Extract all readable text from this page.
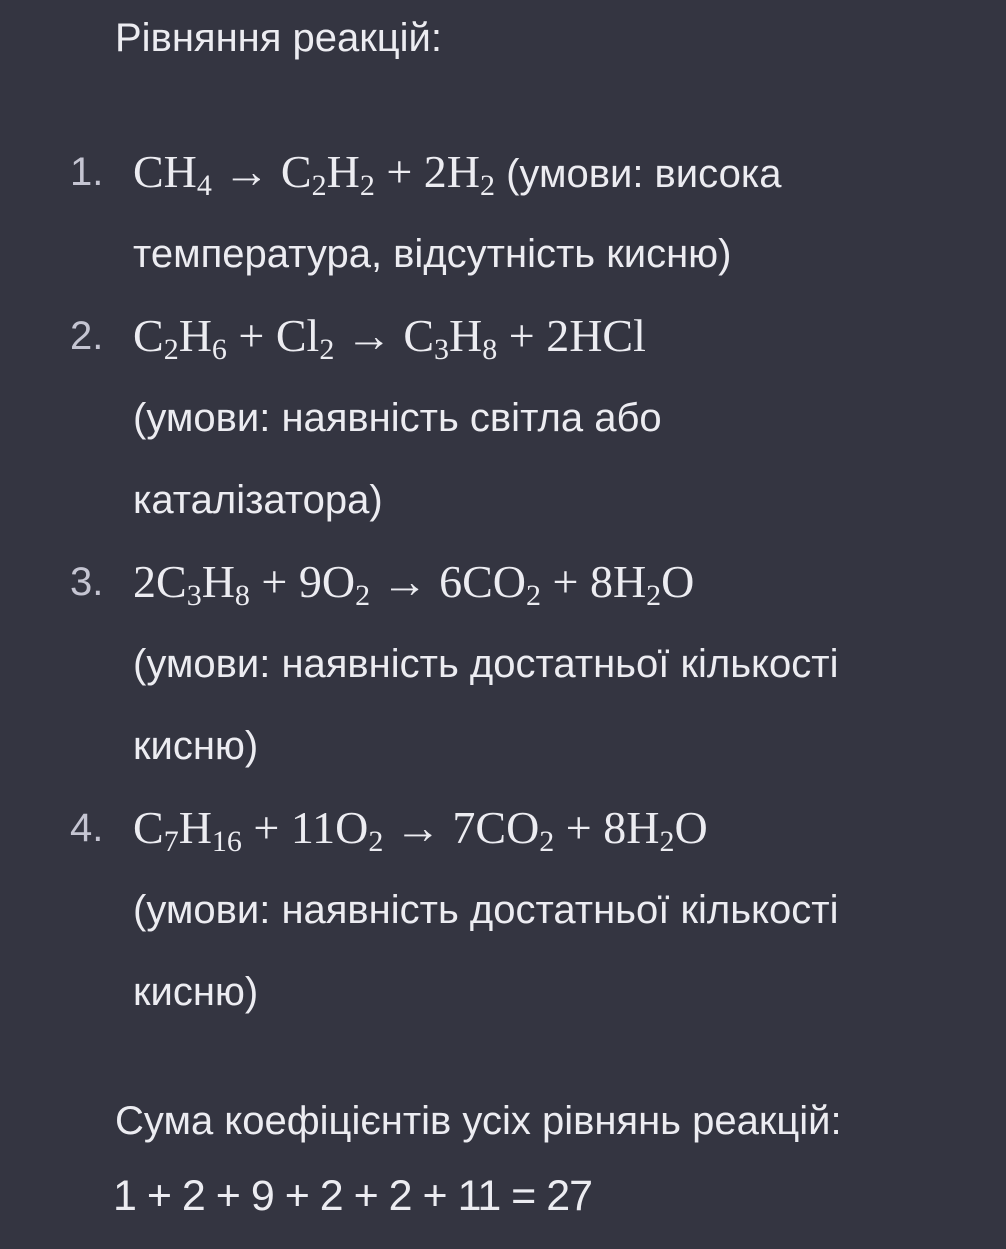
Рівняння реакцій:
1. $CH_4 \to C_2H_2 + 2H_2$ (умови: висока
температура, відсутність кисню)
2. $C_2H_6 + Cl_2 \to C_3H_8 + 2HCl$
(умови: наявність світла або
каталізатора)
3. $2C_3H_8 + 9O_2 \to 6CO_2 + 8H_2O$
(умови: наявність достатньої кількості
кисню)
4. $C_7H_{16} + 11O_2 \to 7CO_2 + 8H_2O$
(умови: наявність достатньої кількості
кисню)

Сума коефіцієнтів усіх рівнянь реакцій:

1 + 2 + 9 + 2 + 2 + 11 = 27
